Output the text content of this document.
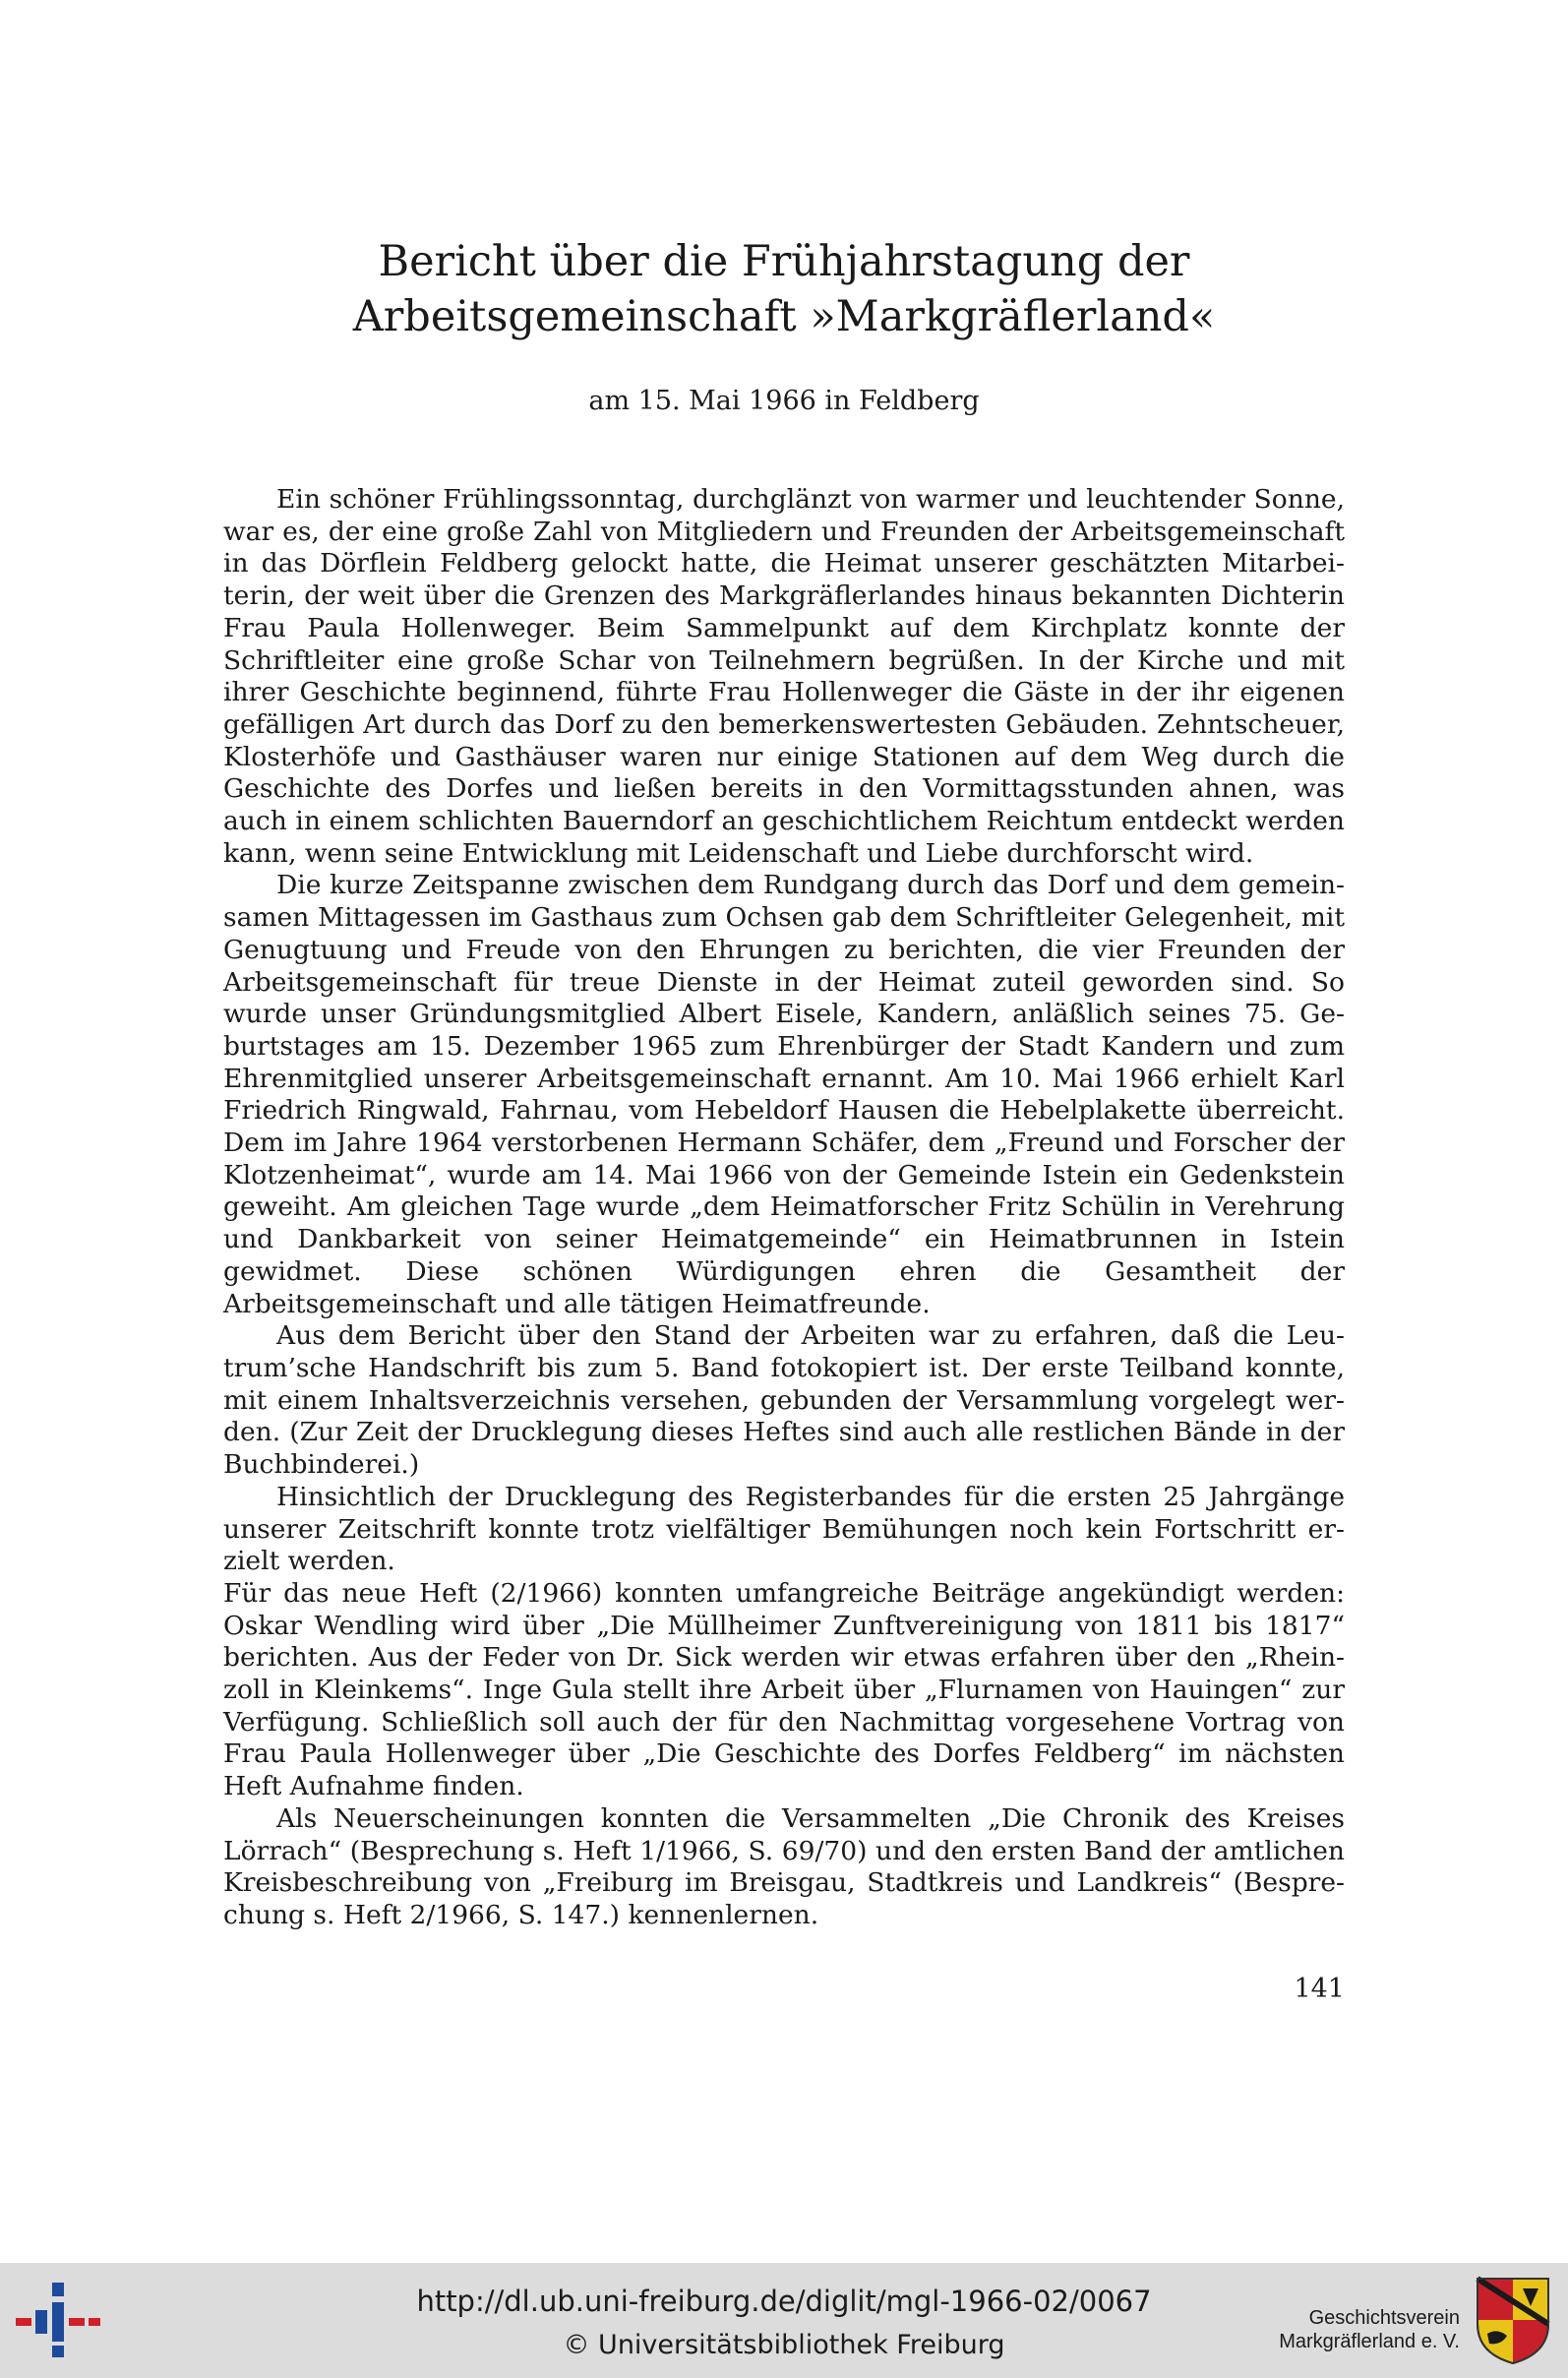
Bericht über die Frühjahrstagung der
Arbeitsgemeinschaft »Markgräflerland«
am 15. Mai 1966 in Feldberg

Ein schöner Frühlingssonntag, durchglänzt von warmer und leuchtender Sonne, war es, der eine große Zahl von Mitgliedern und Freunden der Arbeitsgemeinschaft in das Dörflein Feldberg gelockt hatte, die Heimat unserer geschätzten Mitarbeiterin, der weit über die Grenzen des Markgräflerlandes hinaus bekannten Dichterin Frau Paula Hollenweger. Beim Sammelpunkt auf dem Kirchplatz konnte der Schriftleiter eine große Schar von Teilnehmern begrüßen. In der Kirche und mit ihrer Geschichte beginnend, führte Frau Hollenweger die Gäste in der ihr eigenen gefälligen Art durch das Dorf zu den bemerkenswertesten Gebäuden. Zehntscheuer, Klosterhöfe und Gasthäuser waren nur einige Stationen auf dem Weg durch die Geschichte des Dorfes und ließen bereits in den Vormittagsstunden ahnen, was auch in einem schlichten Bauerndorf an geschichtlichem Reichtum entdeckt werden kann, wenn seine Entwicklung mit Leidenschaft und Liebe durchforscht wird.

Die kurze Zeitspanne zwischen dem Rundgang durch das Dorf und dem gemeinsamen Mittagessen im Gasthaus zum Ochsen gab dem Schriftleiter Gelegenheit, mit Genugtuung und Freude von den Ehrungen zu berichten, die vier Freunden der Arbeitsgemeinschaft für treue Dienste in der Heimat zuteil geworden sind. So wurde unser Gründungsmitglied Albert Eisele, Kandern, anläßlich seines 75. Geburtstages am 15. Dezember 1965 zum Ehrenbürger der Stadt Kandern und zum Ehrenmitglied unserer Arbeitsgemeinschaft ernannt. Am 10. Mai 1966 erhielt Karl Friedrich Ringwald, Fahrnau, vom Hebeldorf Hausen die Hebelplakette überreicht. Dem im Jahre 1964 verstorbenen Hermann Schäfer, dem „Freund und Forscher der Klotzenheimat“, wurde am 14. Mai 1966 von der Gemeinde Istein ein Gedenkstein geweiht. Am gleichen Tage wurde „dem Heimatforscher Fritz Schülin in Verehrung und Dankbarkeit von seiner Heimatgemeinde“ ein Heimatbrunnen in Istein gewidmet. Diese schönen Würdigungen ehren die Gesamtheit der Arbeitsgemeinschaft und alle tätigen Heimatfreunde.

Aus dem Bericht über den Stand der Arbeiten war zu erfahren, daß die Leutrum’sche Handschrift bis zum 5. Band fotokopiert ist. Der erste Teilband konnte, mit einem Inhaltsverzeichnis versehen, gebunden der Versammlung vorgelegt werden. (Zur Zeit der Drucklegung dieses Heftes sind auch alle restlichen Bände in der Buchbinderei.)

Hinsichtlich der Drucklegung des Registerbandes für die ersten 25 Jahrgänge unserer Zeitschrift konnte trotz vielfältiger Bemühungen noch kein Fortschritt erzielt werden.

Für das neue Heft (2/1966) konnten umfangreiche Beiträge angekündigt werden: Oskar Wendling wird über „Die Müllheimer Zunftvereinigung von 1811 bis 1817“ berichten. Aus der Feder von Dr. Sick werden wir etwas erfahren über den „Rheinzoll in Kleinkems“. Inge Gula stellt ihre Arbeit über „Flurnamen von Hauingen“ zur Verfügung. Schließlich soll auch der für den Nachmittag vorgesehene Vortrag von Frau Paula Hollenweger über „Die Geschichte des Dorfes Feldberg“ im nächsten Heft Aufnahme finden.

Als Neuerscheinungen konnten die Versammelten „Die Chronik des Kreises Lörrach“ (Besprechung s. Heft 1/1966, S. 69/70) und den ersten Band der amtlichen Kreisbeschreibung von „Freiburg im Breisgau, Stadtkreis und Landkreis“ (Besprechung s. Heft 2/1966, S. 147.) kennenlernen.

141
http://dl.ub.uni-freiburg.de/diglit/mgl-1966-02/0067
© Universitätsbibliothek Freiburg
Geschichtsverein
Markgräflerland e. V.
